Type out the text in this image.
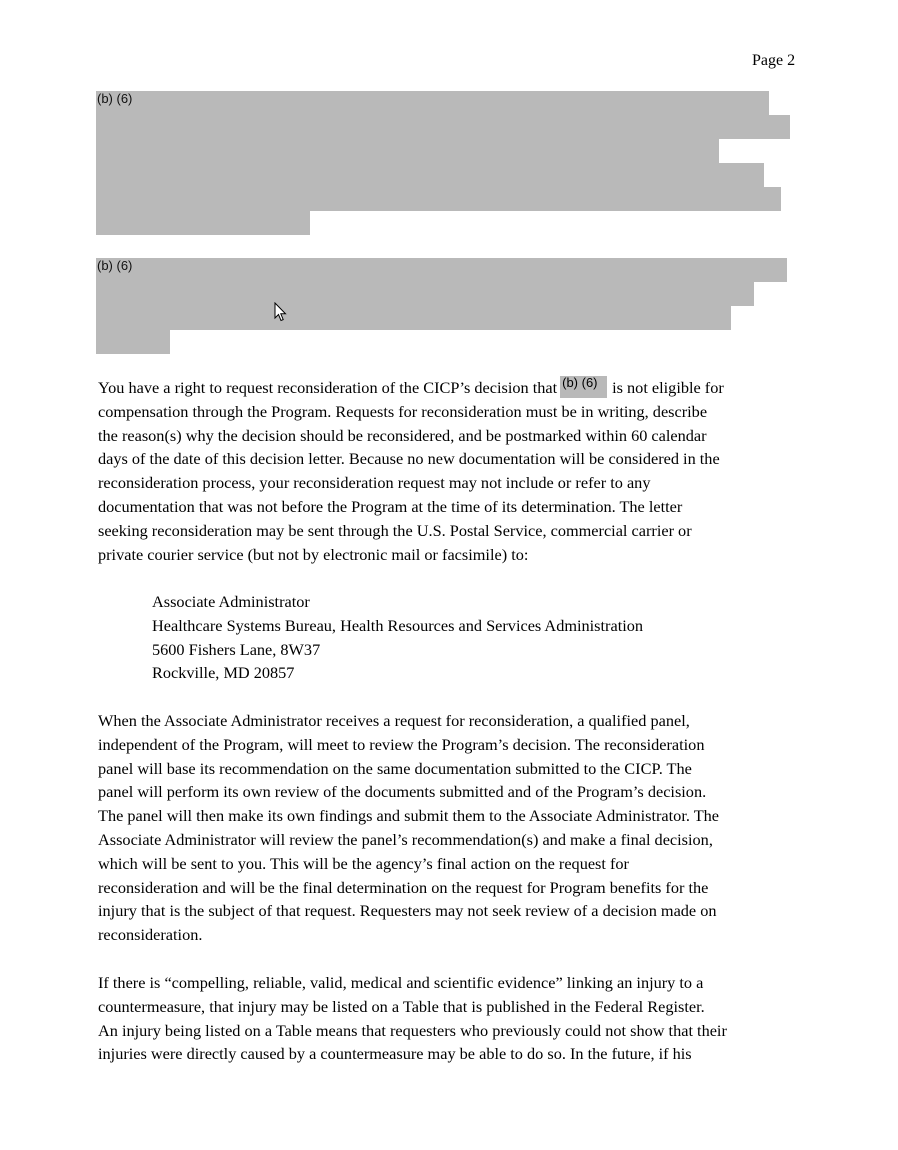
Page 2
(b) (6)
(b) (6)
You have a right to request reconsideration of the CICP’s decision that (b) (6) is not eligible for
compensation through the Program. Requests for reconsideration must be in writing, describe
the reason(s) why the decision should be reconsidered, and be postmarked within 60 calendar
days of the date of this decision letter. Because no new documentation will be considered in the
reconsideration process, your reconsideration request may not include or refer to any
documentation that was not before the Program at the time of its determination. The letter
seeking reconsideration may be sent through the U.S. Postal Service, commercial carrier or
private courier service (but not by electronic mail or facsimile) to:
Associate Administrator
Healthcare Systems Bureau, Health Resources and Services Administration
5600 Fishers Lane, 8W37
Rockville, MD 20857
When the Associate Administrator receives a request for reconsideration, a qualified panel,
independent of the Program, will meet to review the Program’s decision. The reconsideration
panel will base its recommendation on the same documentation submitted to the CICP. The
panel will perform its own review of the documents submitted and of the Program’s decision.
The panel will then make its own findings and submit them to the Associate Administrator. The
Associate Administrator will review the panel’s recommendation(s) and make a final decision,
which will be sent to you. This will be the agency’s final action on the request for
reconsideration and will be the final determination on the request for Program benefits for the
injury that is the subject of that request. Requesters may not seek review of a decision made on
reconsideration.
If there is “compelling, reliable, valid, medical and scientific evidence” linking an injury to a
countermeasure, that injury may be listed on a Table that is published in the Federal Register.
An injury being listed on a Table means that requesters who previously could not show that their
injuries were directly caused by a countermeasure may be able to do so. In the future, if his
